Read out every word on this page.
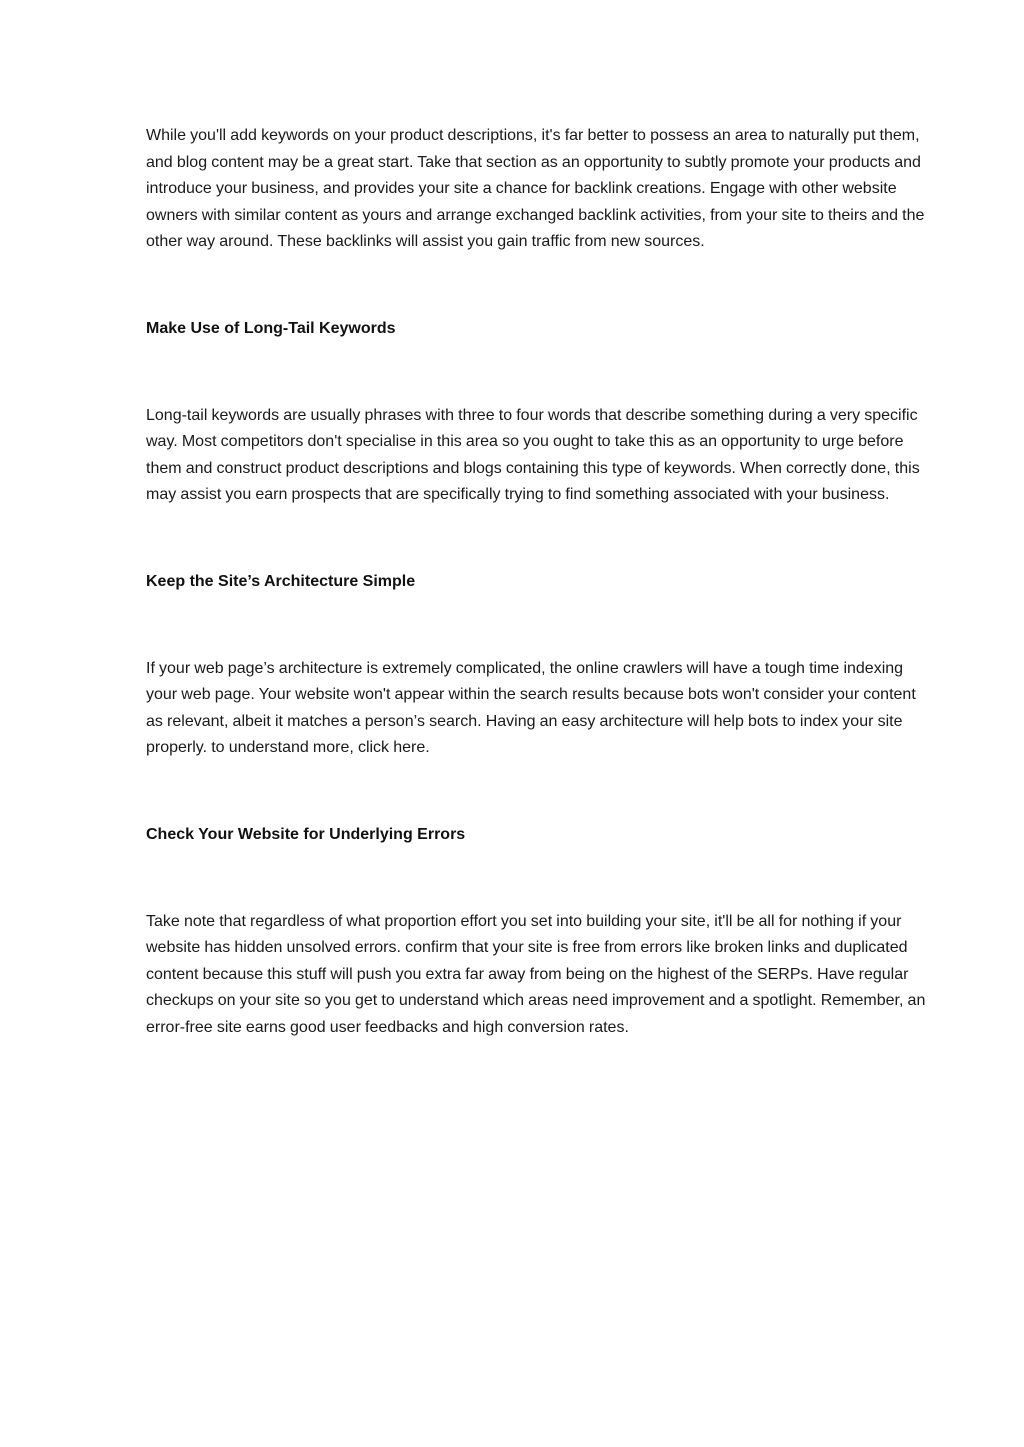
While you'll add keywords on your product descriptions, it's far better to possess an area to naturally put them, and blog content may be a great start. Take that section as an opportunity to subtly promote your products and introduce your business, and provides your site a chance for backlink creations. Engage with other website owners with similar content as yours and arrange exchanged backlink activities, from your site to theirs and the other way around. These backlinks will assist you gain traffic from new sources.

Make Use of Long-Tail Keywords

Long-tail keywords are usually phrases with three to four words that describe something during a very specific way. Most competitors don't specialise in this area so you ought to take this as an opportunity to urge before them and construct product descriptions and blogs containing this type of keywords. When correctly done, this may assist you earn prospects that are specifically trying to find something associated with your business.

Keep the Site’s Architecture Simple

If your web page’s architecture is extremely complicated, the online crawlers will have a tough time indexing your web page. Your website won't appear within the search results because bots won't consider your content as relevant, albeit it matches a person’s search. Having an easy architecture will help bots to index your site properly. to understand more, click here.

Check Your Website for Underlying Errors

Take note that regardless of what proportion effort you set into building your site, it'll be all for nothing if your website has hidden unsolved errors. confirm that your site is free from errors like broken links and duplicated content because this stuff will push you extra far away from being on the highest of the SERPs. Have regular checkups on your site so you get to understand which areas need improvement and a spotlight. Remember, an error-free site earns good user feedbacks and high conversion rates.
